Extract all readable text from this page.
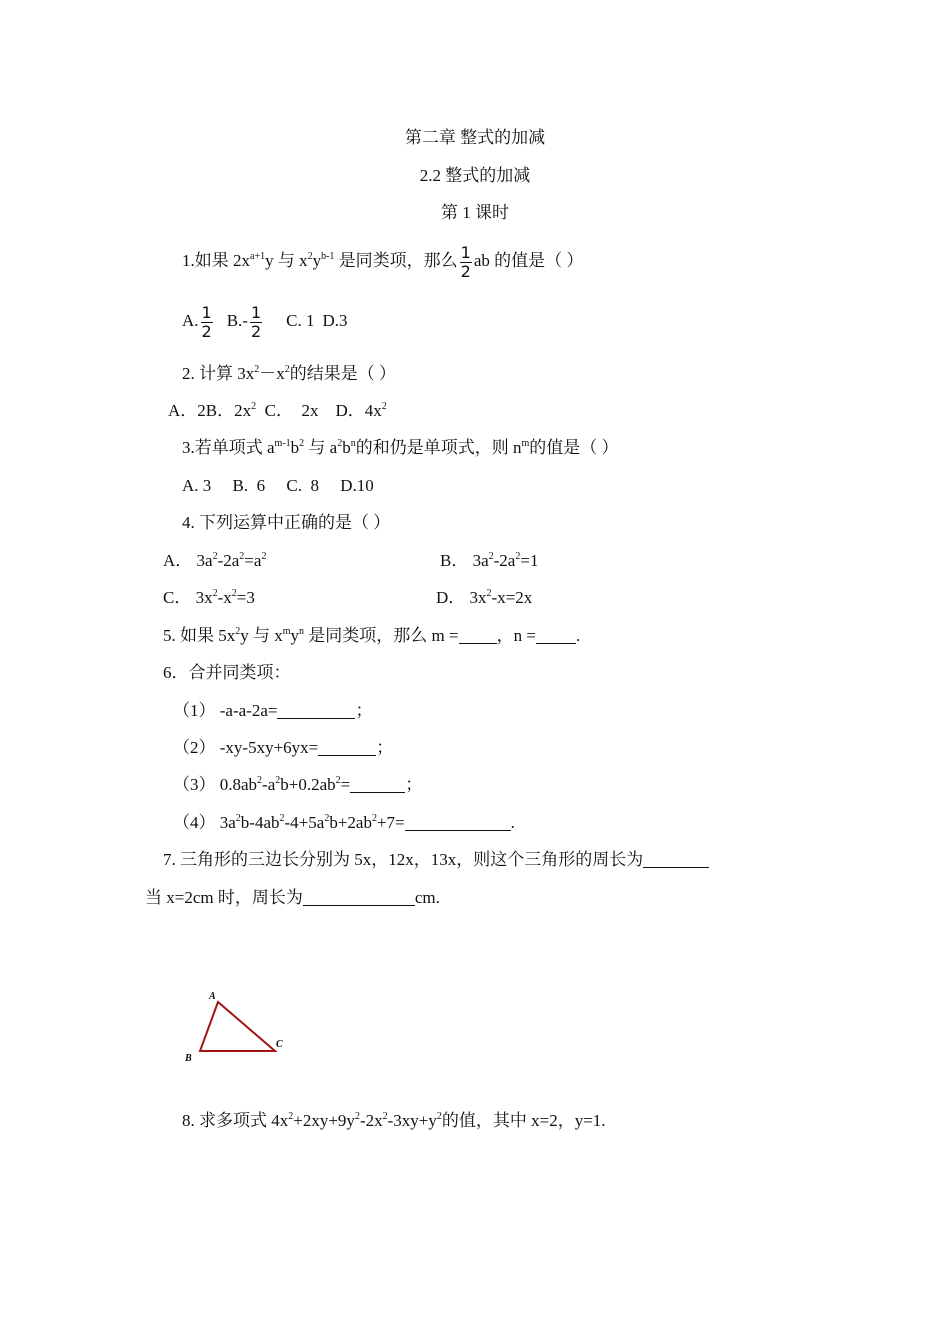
第二章 整式的加减
2.2 整式的加减
第 1 课时
1.如果 $2x^{a+1}y$ 与 $x^2y^{b-1}$ 是同类项，那么 $\frac{1}{2}$ ab 的值是（ ）
A. $\frac{1}{2} B.- \frac{1}{2} C$. 1 D.3
2. 计算 $3x^2-x^2$的结果是（ ）
A．2B．$2x^2$  C．  2x    D．$4x^2$
3.若单项式 $a^{m-1}b^2$ 与 $a^2b^n$的和仍是单项式，则 $n^m$的值是（ ）
A. 3     B.  6     C.  8     D.10
4. 下列运算中正确的是（ ）
A． $3a^2-2a^2=a^2$	B． $3a^2-2a^2=1$
C． $3x^2-x^2=3$	D． $3x^2-x=2x$
5. 如果 $5x^2y$ 与 $x^my^n$ 是同类项，那么 m = ，n = .
6．合并同类项：
（1） -a-a-2a=	；
（2） -xy-5xy+6yx=	；
（3） $0.8ab^2-a^2b+0.2ab^2=$	；
（4） $3a^2b-4ab^2-4+5a^2b+2ab^2+7=$	.
7. 三角形的三边长分别为 5x，12x，13x，则这个三角形的周长为
当 x=2cm 时，周长为	cm.
A
B
C
8. 求多项式 $4x^2+2xy+9y^2-2x^2-3xy+y^2$的值，其中 x=2，y=1.
